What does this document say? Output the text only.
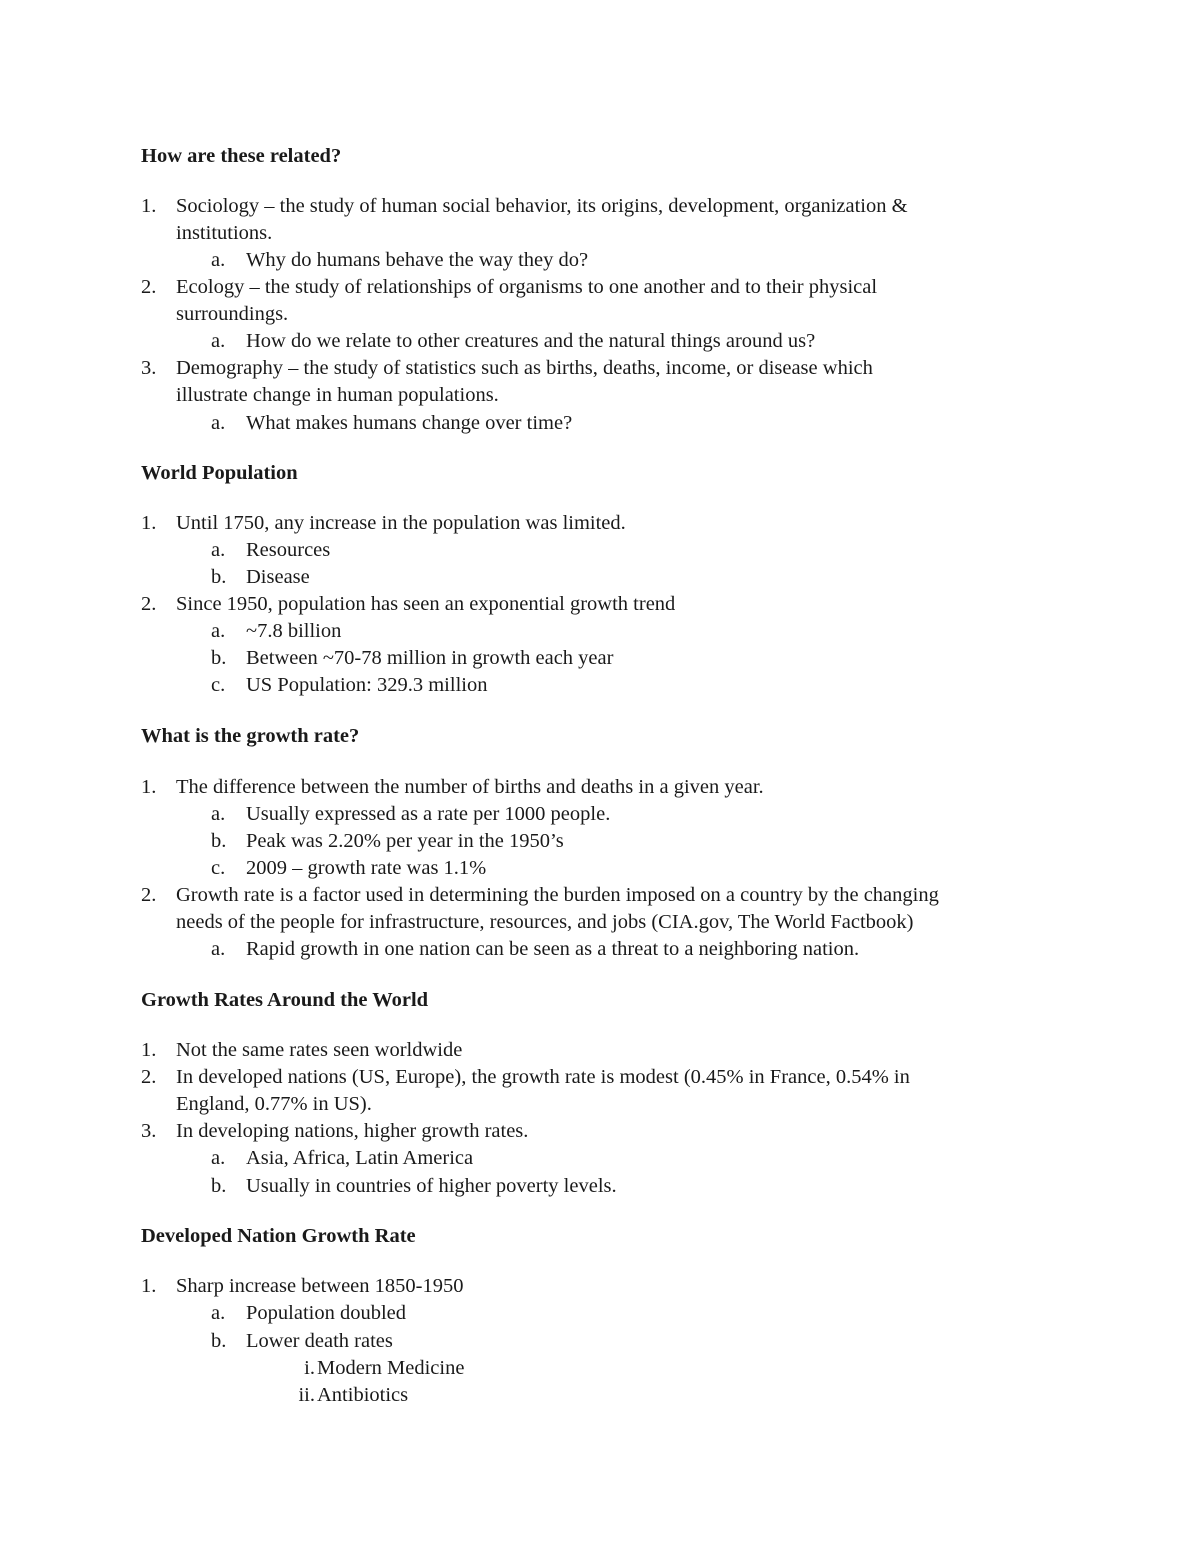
How are these related?
1. Sociology – the study of human social behavior, its origins, development, organization &
institutions.
a. Why do humans behave the way they do?
2. Ecology – the study of relationships of organisms to one another and to their physical
surroundings.
a. How do we relate to other creatures and the natural things around us?
3. Demography – the study of statistics such as births, deaths, income, or disease which
illustrate change in human populations.
a. What makes humans change over time?
World Population
1. Until 1750, any increase in the population was limited.
a. Resources
b. Disease
2. Since 1950, population has seen an exponential growth trend
a. ~7.8 billion
b. Between ~70-78 million in growth each year
c. US Population: 329.3 million
What is the growth rate?
1. The difference between the number of births and deaths in a given year.
a. Usually expressed as a rate per 1000 people.
b. Peak was 2.20% per year in the 1950’s
c. 2009 – growth rate was 1.1%
2. Growth rate is a factor used in determining the burden imposed on a country by the changing
needs of the people for infrastructure, resources, and jobs (CIA.gov, The World Factbook)
a. Rapid growth in one nation can be seen as a threat to a neighboring nation.
Growth Rates Around the World
1. Not the same rates seen worldwide
2. In developed nations (US, Europe), the growth rate is modest (0.45% in France, 0.54% in
England, 0.77% in US).
3. In developing nations, higher growth rates.
a. Asia, Africa, Latin America
b. Usually in countries of higher poverty levels.
Developed Nation Growth Rate
1. Sharp increase between 1850-1950
a. Population doubled
b. Lower death rates
i. Modern Medicine
ii. Antibiotics
